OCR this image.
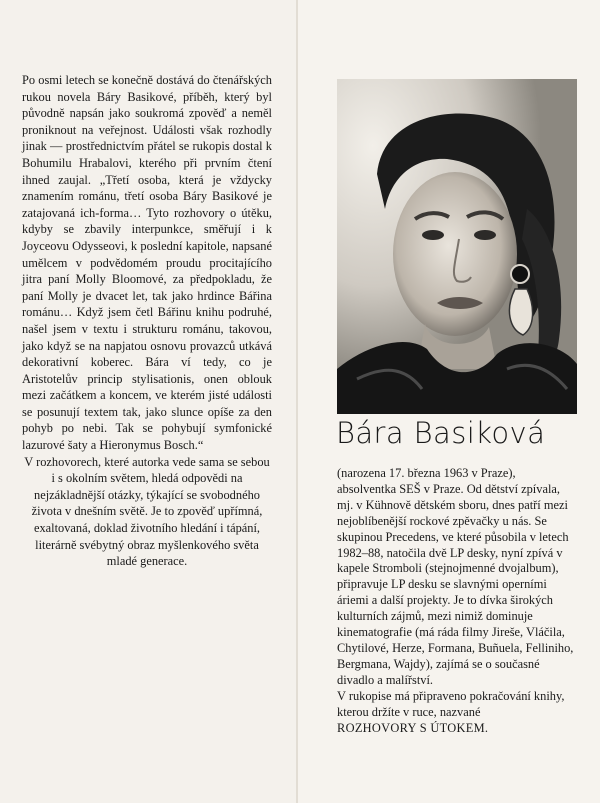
Po osmi letech se konečně dostává do čtenářských rukou novela Báry Basikové, příběh, který byl původně napsán jako soukromá zpověď a neměl proniknout na veřejnost. Události však rozhodly jinak — prostřednictvím přátel se rukopis dostal k Bohumilu Hrabalovi, kterého při prvním čtení ihned zaujal. „Třetí osoba, která je vždycky znamením románu, třetí osoba Báry Basikové je zatajovaná ich-forma… Tyto rozhovory o útěku, kdyby se zbavily interpunkce, směřují i k Joyceovu Odysseovi, k poslední kapitole, napsané umělcem v podvědomém proudu procitajícího jitra paní Molly Bloomové, za předpokladu, že paní Molly je dvacet let, tak jako hrdince Bářina románu… Když jsem četl Bářinu knihu podruhé, našel jsem v textu i strukturu románu, takovou, jako když se na napjatou osnovu provazců utkává dekorativní koberec. Bára ví tedy, co je Aristotelův princip stylisationis, onen oblouk mezi začátkem a koncem, ve kterém jisté události se posunují textem tak, jako slunce opíše za den pohyb po nebi. Tak se pohybují symfonické lazurové šaty a Hieronymus Bosch.“

V rozhovorech, které autorka vede sama se sebou i s okolním světem, hledá odpovědi na nejzákladnější otázky, týkající se svobodného života v dnešním světě. Je to zpověď upřímná, exaltovaná, doklad životního hledání i tápání, literárně svébytný obraz myšlenkového světa mladé generace.

Bára Basiková

(narozena 17. března 1963 v Praze), absolventka SEŠ v Praze. Od dětství zpívala, mj. v Kühnově dětském sboru, dnes patří mezi nejoblíbenější rockové zpěvačky u nás. Se skupinou Precedens, ve které působila v letech 1982–88, natočila dvě LP desky, nyní zpívá v kapele Stromboli (stejnojmenné dvojalbum), připravuje LP desku se slavnými operními áriemi a další projekty. Je to dívka širokých kulturních zájmů, mezi nimiž dominuje kinematografie (má ráda filmy Jireše, Vláčila, Chytilové, Herze, Formana, Buñuela, Felliniho, Bergmana, Wajdy), zajímá se o současné divadlo a malířství.

V rukopise má připraveno pokračování knihy, kterou držíte v ruce, nazvané

ROZHOVORY S ÚTOKEM.
